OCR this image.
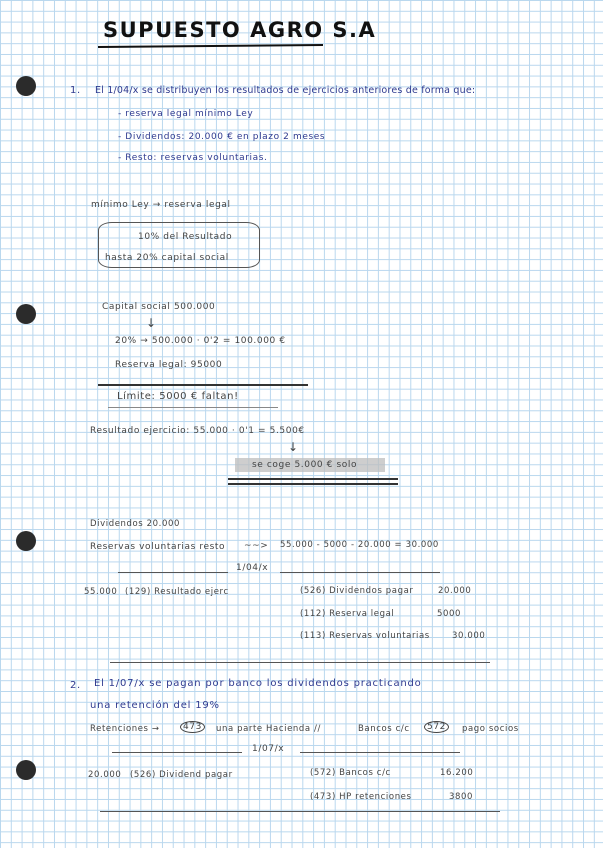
SUPUESTO AGRO S.A
1. El 1/04/x se distribuyen los resultados de ejercicios anteriores de forma que:
- reserva legal mínimo Ley
- Dividendos: 20.000 € en plazo 2 meses
- Resto: reservas voluntarias.
mínimo Ley → reserva legal
10% del Resultado
hasta 20% capital social
Capital social 500.000
↓
20% → 500.000 · 0'2 = 100.000 €
Reserva legal: 95000
Límite: 5000 € faltan!
Resultado ejercicio: 55.000 · 0'1 = 5.500€
↓
se coge 5.000 € solo
Dividendos 20.000
Reservas voluntarias resto ~~> 55.000 - 5000 - 20.000 = 30.000
1/04/x
55.000 (129) Resultado ejerc	(526) Dividendos pagar	20.000
(112) Reserva legal	5000
(113) Reservas voluntarias	30.000
2. El 1/07/x se pagan por banco los dividendos practicando
una retención del 19%
Retenciones →	473	una parte Hacienda //	Bancos c/c	572	pago socios
1/07/x
20.000 (526) Dividend pagar	(572) Bancos c/c	16.200
(473) HP retenciones	3800
